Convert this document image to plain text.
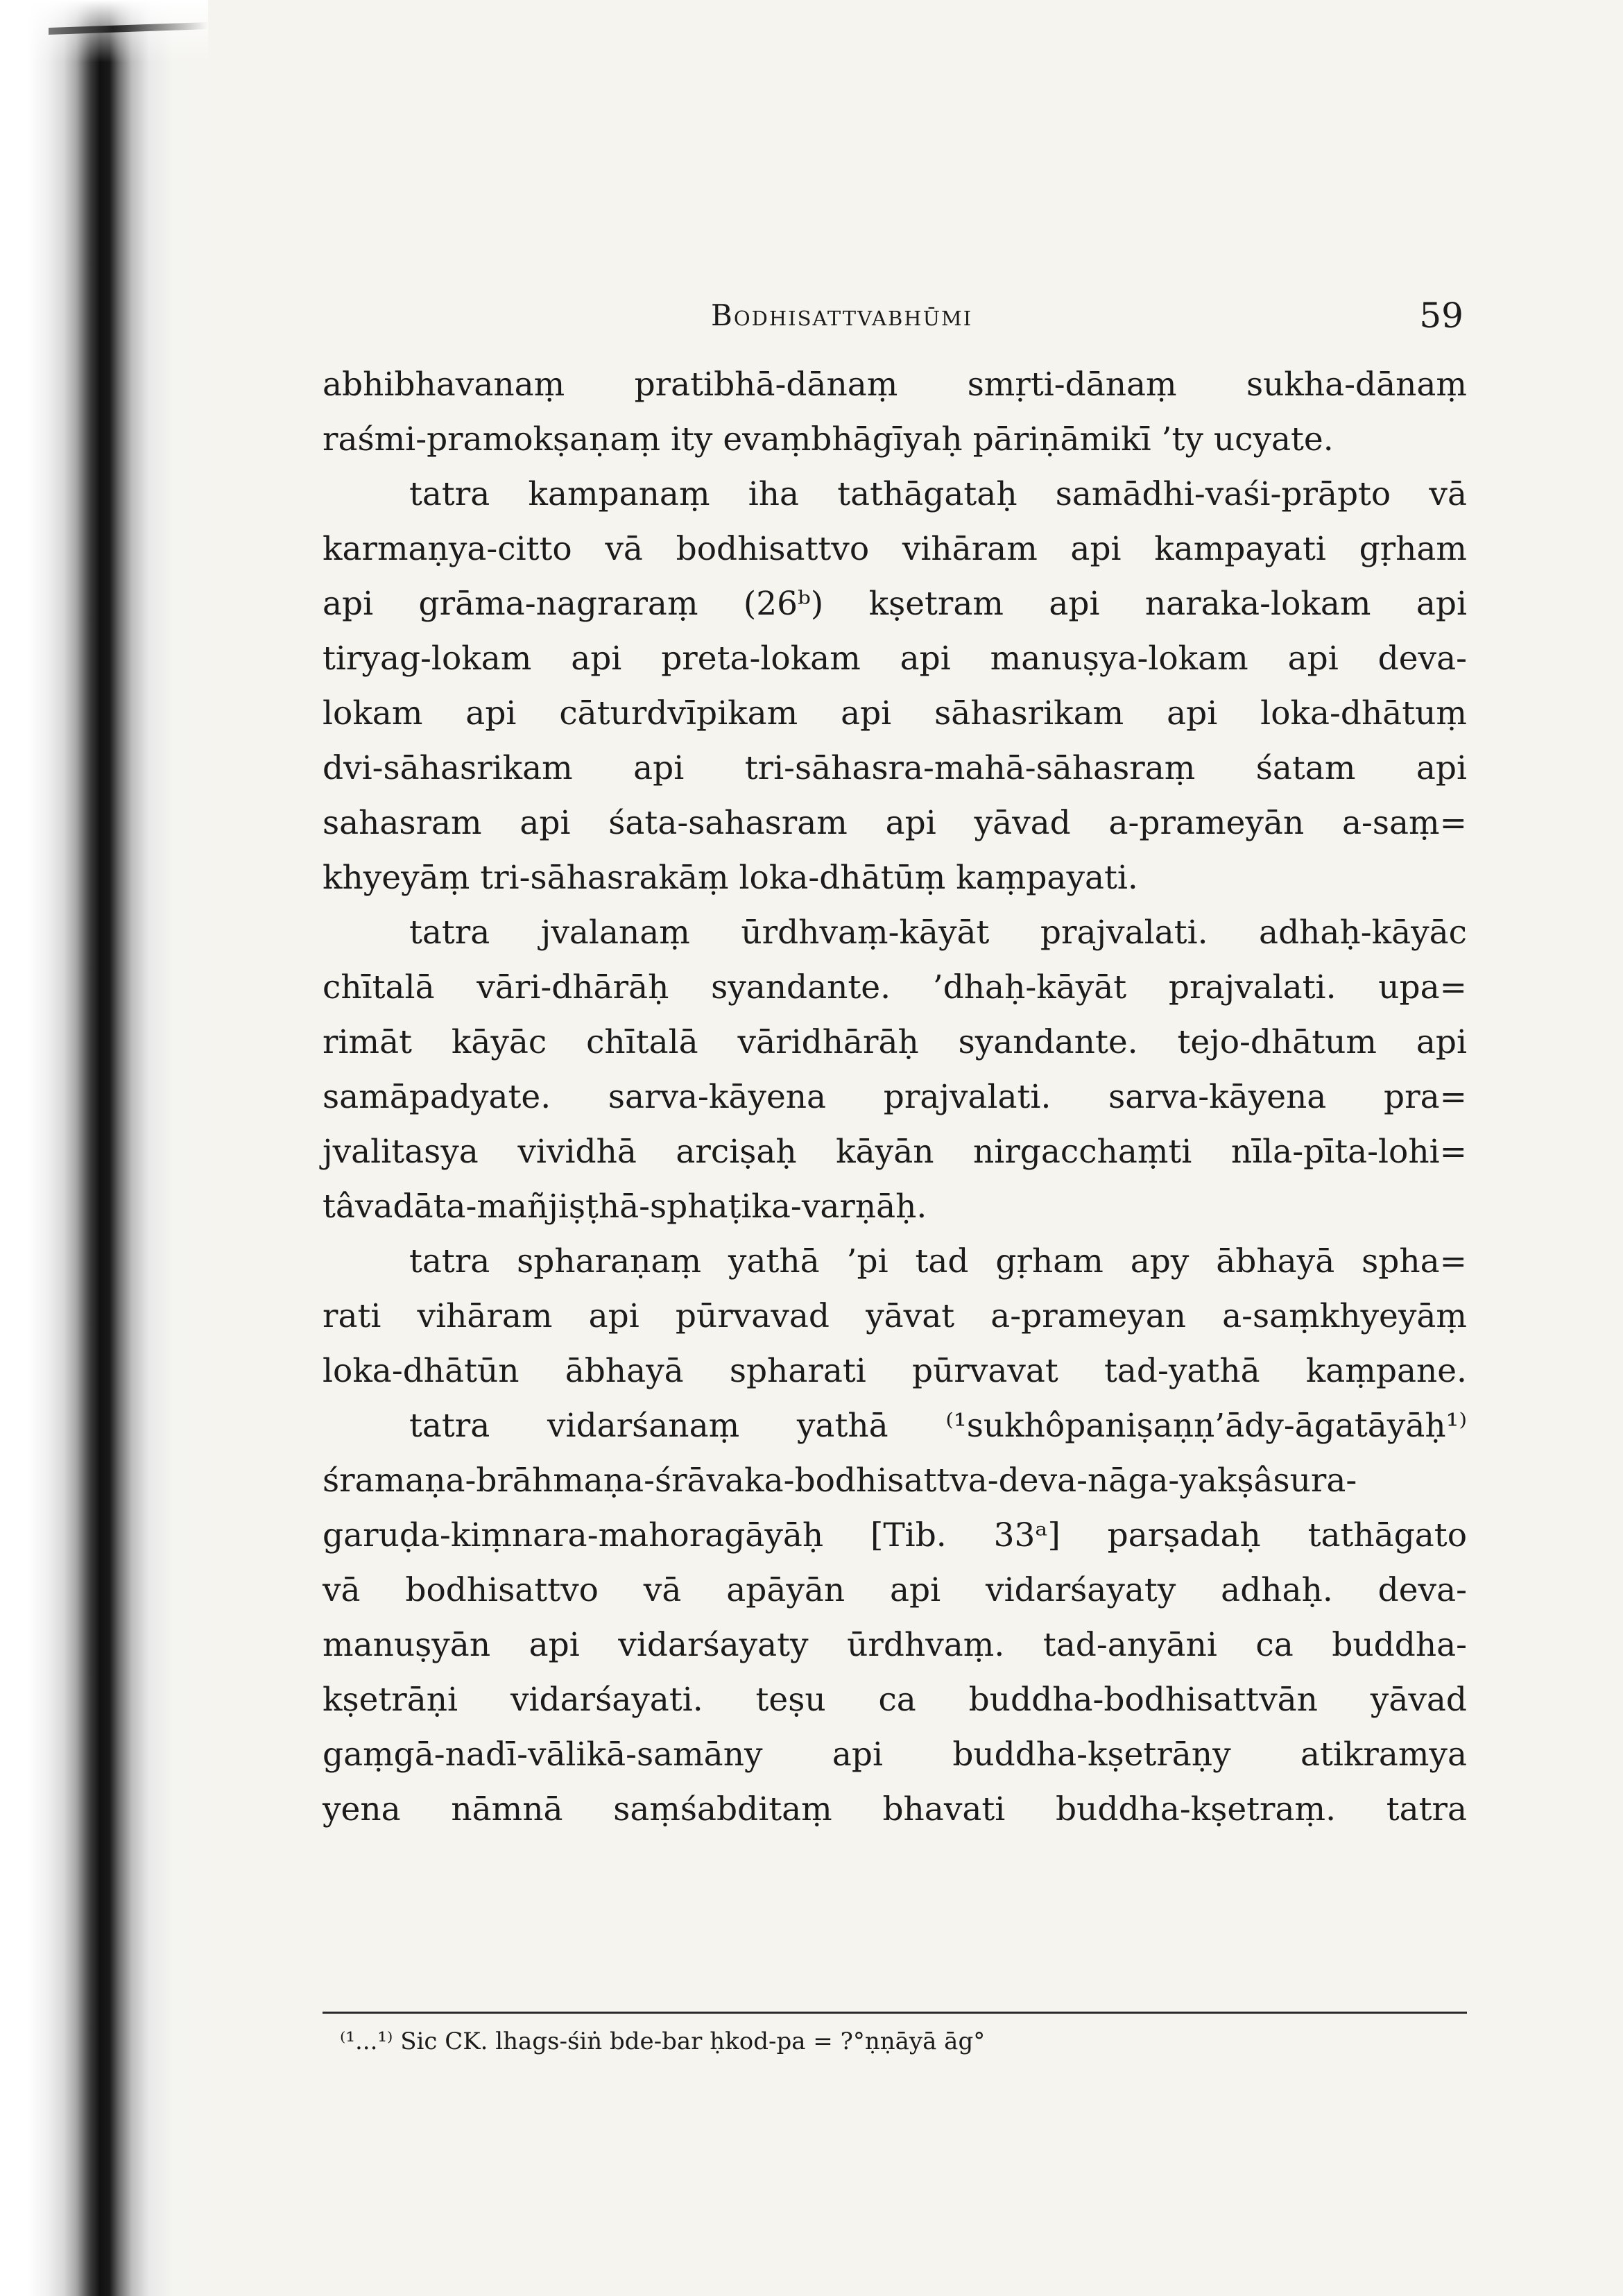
Bodhisattvabhūmi	59
abhibhavanaṃ pratibhā-dānaṃ smṛti-dānaṃ sukha-dānaṃ
raśmi-pramokṣaṇaṃ ity evaṃbhāgīyaḥ pāriṇāmikī ’ty ucyate.
tatra kampanaṃ iha tathāgataḥ samādhi-vaśi-prāpto vā
karmaṇya-citto vā bodhisattvo vihāram api kampayati gṛham
api grāma-nagraraṃ (26ᵇ) kṣetram api naraka-lokam api
tiryag-lokam api preta-lokam api manuṣya-lokam api deva-
lokam api cāturdvīpikam api sāhasrikam api loka-dhātuṃ
dvi-sāhasrikam api tri-sāhasra-mahā-sāhasraṃ śatam api
sahasram api śata-sahasram api yāvad a-prameyān a-saṃ=
khyeyāṃ tri-sāhasrakāṃ loka-dhātūṃ kaṃpayati.
tatra jvalanaṃ ūrdhvaṃ-kāyāt prajvalati. adhaḥ-kāyāc
chītalā vāri-dhārāḥ syandante. ’dhaḥ-kāyāt prajvalati. upa=
rimāt kāyāc chītalā vāridhārāḥ syandante. tejo-dhātum api
samāpadyate. sarva-kāyena prajvalati. sarva-kāyena pra=
jvalitasya vividhā arciṣaḥ kāyān nirgacchaṃti nīla-pīta-lohi=
tâvadāta-mañjiṣṭhā-sphaṭika-varṇāḥ.
tatra spharaṇaṃ yathā ’pi tad gṛham apy ābhayā spha=
rati vihāram api pūrvavad yāvat a-prameyan a-saṃkhyeyāṃ
loka-dhātūn ābhayā spharati pūrvavat tad-yathā kaṃpane.
tatra vidarśanaṃ yathā ⁽¹sukhôpaniṣaṇṇ’ādy-āgatāyāḥ¹⁾
śramaṇa-brāhmaṇa-śrāvaka-bodhisattva-deva-nāga-yakṣâsura-
garuḍa-kiṃnara-mahoragāyāḥ [Tib. 33ᵃ] parṣadaḥ tathāgato
vā bodhisattvo vā apāyān api vidarśayaty adhaḥ. deva-
manuṣyān api vidarśayaty ūrdhvaṃ. tad-anyāni ca buddha-
kṣetrāṇi vidarśayati. teṣu ca buddha-bodhisattvān yāvad
gaṃgā-nadī-vālikā-samāny api buddha-kṣetrāṇy atikramya
yena nāmnā saṃśabditaṃ bhavati buddha-kṣetraṃ. tatra
⁽¹...¹⁾ Sic CK. lhags-śiṅ bde-bar ḥkod-pa = ?°ṇṇāyā āg°
